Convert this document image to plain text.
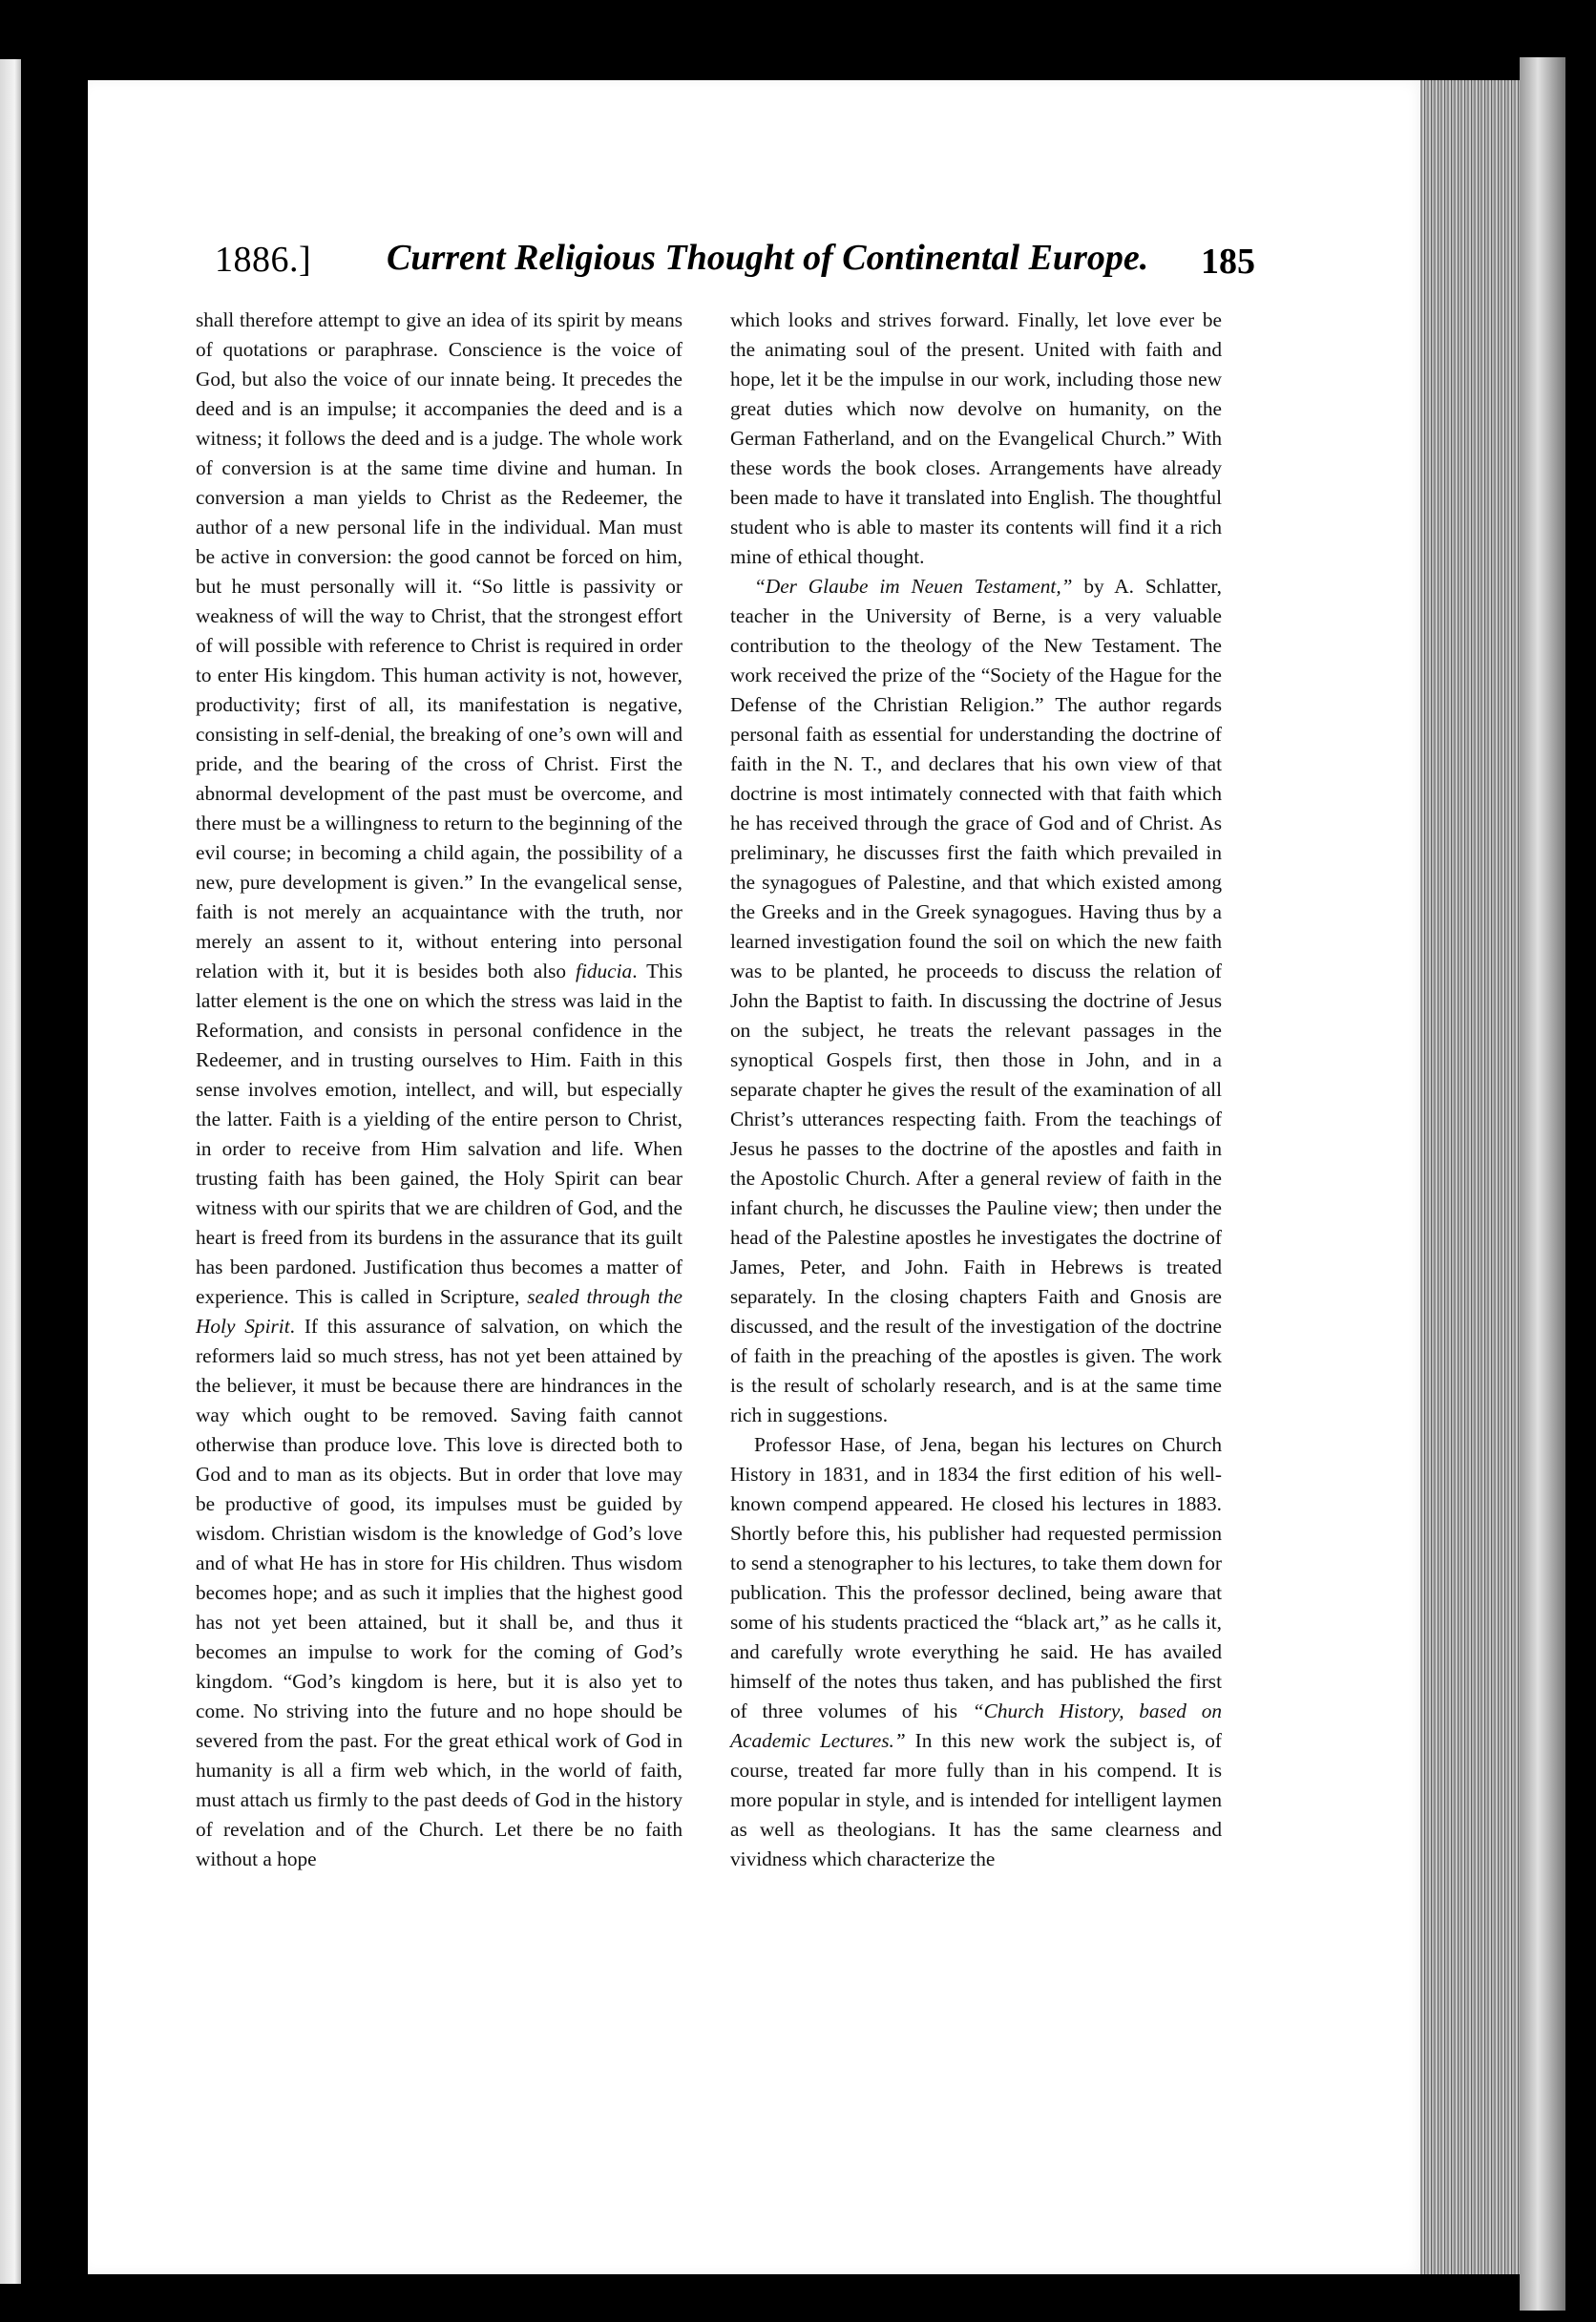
1886.] Current Religious Thought of Continental Europe. 185

shall therefore attempt to give an idea of its spirit by means of quotations or paraphrase. Conscience is the voice of God, but also the voice of our innate being. It precedes the deed and is an impulse; it accompanies the deed and is a witness; it follows the deed and is a judge. The whole work of conversion is at the same time divine and human. In conversion a man yields to Christ as the Redeemer, the author of a new personal life in the individual. Man must be active in conversion: the good cannot be forced on him, but he must personally will it. “So little is passivity or weakness of will the way to Christ, that the strongest effort of will possible with reference to Christ is required in order to enter His kingdom. This human activity is not, however, productivity; first of all, its manifestation is negative, consisting in self-denial, the breaking of one’s own will and pride, and the bearing of the cross of Christ. First the abnormal development of the past must be overcome, and there must be a willingness to return to the beginning of the evil course; in becoming a child again, the possibility of a new, pure development is given.” In the evangelical sense, faith is not merely an acquaintance with the truth, nor merely an assent to it, without entering into personal relation with it, but it is besides both also fiducia. This latter element is the one on which the stress was laid in the Reformation, and consists in personal confidence in the Redeemer, and in trusting ourselves to Him. Faith in this sense involves emotion, intellect, and will, but especially the latter. Faith is a yielding of the entire person to Christ, in order to receive from Him salvation and life. When trusting faith has been gained, the Holy Spirit can bear witness with our spirits that we are children of God, and the heart is freed from its burdens in the assurance that its guilt has been pardoned. Justification thus becomes a matter of experience. This is called in Scripture, sealed through the Holy Spirit. If this assurance of salvation, on which the reformers laid so much stress, has not yet been attained by the believer, it must be because there are hindrances in the way which ought to be removed. Saving faith cannot otherwise than produce love. This love is directed both to God and to man as its objects. But in order that love may be productive of good, its impulses must be guided by wisdom. Christian wisdom is the knowledge of God’s love and of what He has in store for His children. Thus wisdom becomes hope; and as such it implies that the highest good has not yet been attained, but it shall be, and thus it becomes an impulse to work for the coming of God’s kingdom. “God’s kingdom is here, but it is also yet to come. No striving into the future and no hope should be severed from the past. For the great ethical work of God in humanity is all a firm web which, in the world of faith, must attach us firmly to the past deeds of God in the history of revelation and of the Church. Let there be no faith without a hope

which looks and strives forward. Finally, let love ever be the animating soul of the present. United with faith and hope, let it be the impulse in our work, including those new great duties which now devolve on humanity, on the German Fatherland, and on the Evangelical Church.” With these words the book closes. Arrangements have already been made to have it translated into English. The thoughtful student who is able to master its contents will find it a rich mine of ethical thought.

“Der Glaube im Neuen Testament,” by A. Schlatter, teacher in the University of Berne, is a very valuable contribution to the theology of the New Testament. The work received the prize of the “Society of the Hague for the Defense of the Christian Religion.” The author regards personal faith as essential for understanding the doctrine of faith in the N. T., and declares that his own view of that doctrine is most intimately connected with that faith which he has received through the grace of God and of Christ. As preliminary, he discusses first the faith which prevailed in the synagogues of Palestine, and that which existed among the Greeks and in the Greek synagogues. Having thus by a learned investigation found the soil on which the new faith was to be planted, he proceeds to discuss the relation of John the Baptist to faith. In discussing the doctrine of Jesus on the subject, he treats the relevant passages in the synoptical Gospels first, then those in John, and in a separate chapter he gives the result of the examination of all Christ’s utterances respecting faith. From the teachings of Jesus he passes to the doctrine of the apostles and faith in the Apostolic Church. After a general review of faith in the infant church, he discusses the Pauline view; then under the head of the Palestine apostles he investigates the doctrine of James, Peter, and John. Faith in Hebrews is treated separately. In the closing chapters Faith and Gnosis are discussed, and the result of the investigation of the doctrine of faith in the preaching of the apostles is given. The work is the result of scholarly research, and is at the same time rich in suggestions.

Professor Hase, of Jena, began his lectures on Church History in 1831, and in 1834 the first edition of his well-known compend appeared. He closed his lectures in 1883. Shortly before this, his publisher had requested permission to send a stenographer to his lectures, to take them down for publication. This the professor declined, being aware that some of his students practiced the “black art,” as he calls it, and carefully wrote everything he said. He has availed himself of the notes thus taken, and has published the first of three volumes of his “Church History, based on Academic Lectures.” In this new work the subject is, of course, treated far more fully than in his compend. It is more popular in style, and is intended for intelligent laymen as well as theologians. It has the same clearness and vividness which characterize the
